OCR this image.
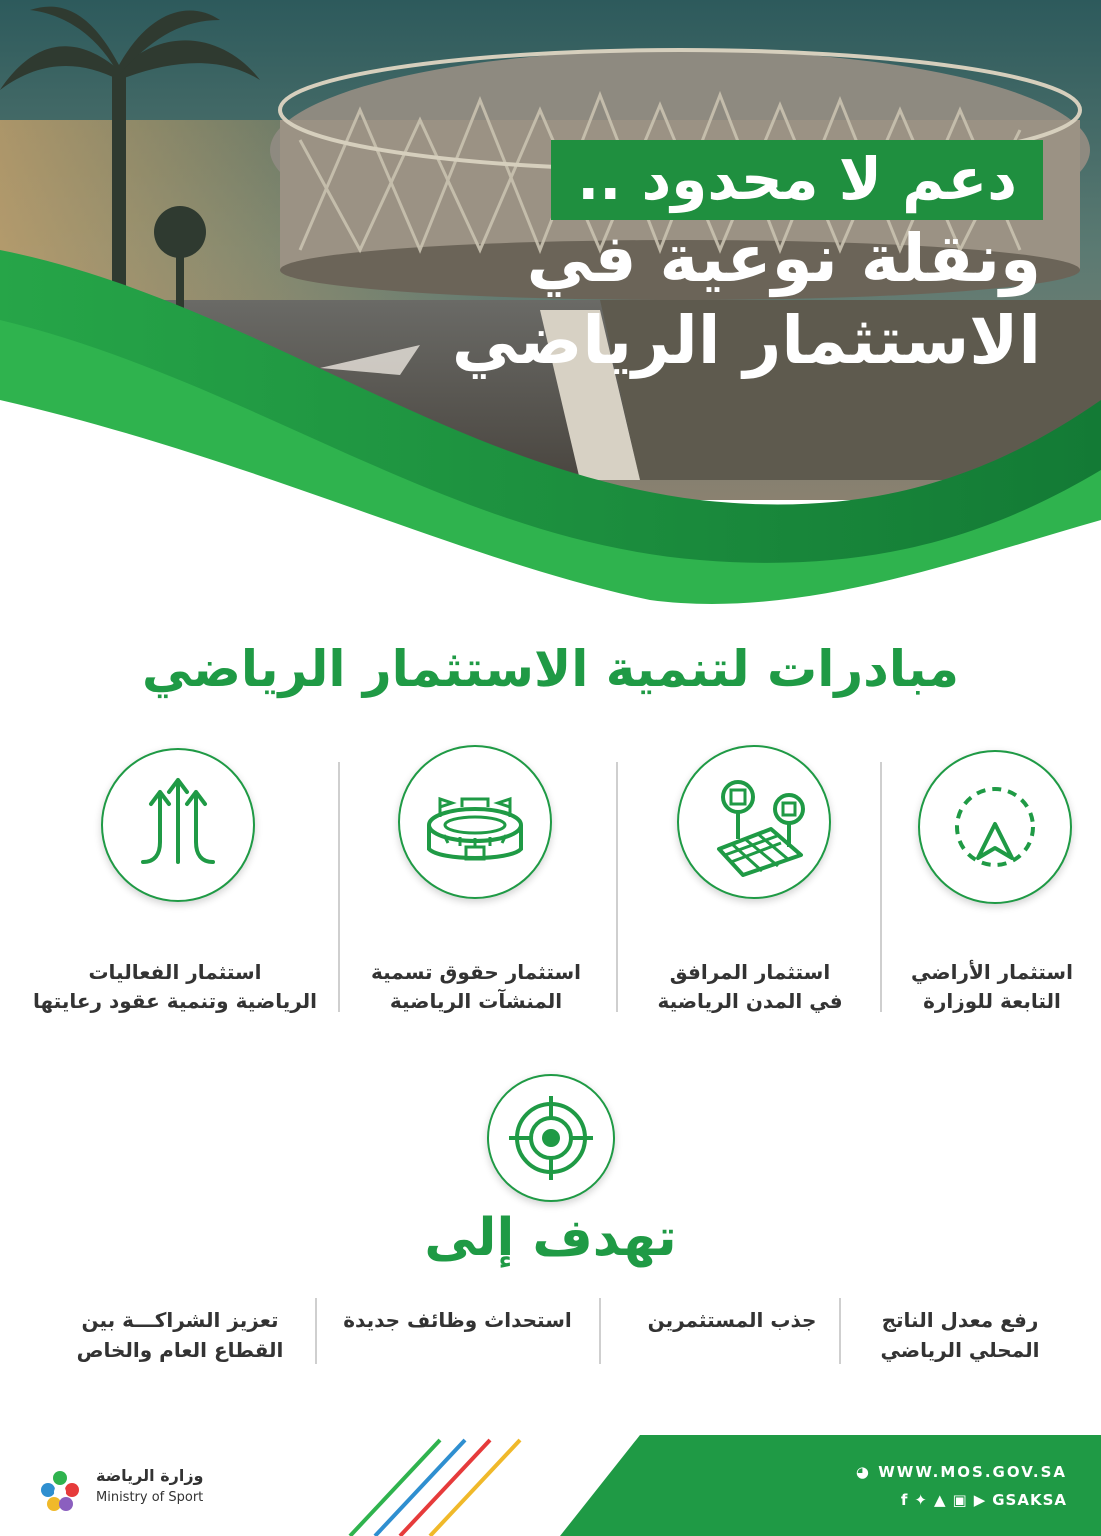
دعم لا محدود ..
ونقلة نوعية في
الاستثمار الرياضي
مبادرات لتنمية الاستثمار الرياضي
استثمار الأراضي
التابعة للوزارة
استثمار المرافق
في المدن الرياضية
استثمار حقوق تسمية
المنشآت الرياضية
استثمار الفعاليات
الرياضية وتنمية عقود رعايتها
تهدف إلى
رفع معدل الناتج
المحلي الرياضي
جذب المستثمرين
استحداث وظائف جديدة
تعزيز الشراكـــة بين
القطاع العام والخاص
◕ WWW.MOS.GOV.SA
f ✦ ▲ ▣ ▶ GSAKSA
وزارة الرياضة
Ministry of Sport
